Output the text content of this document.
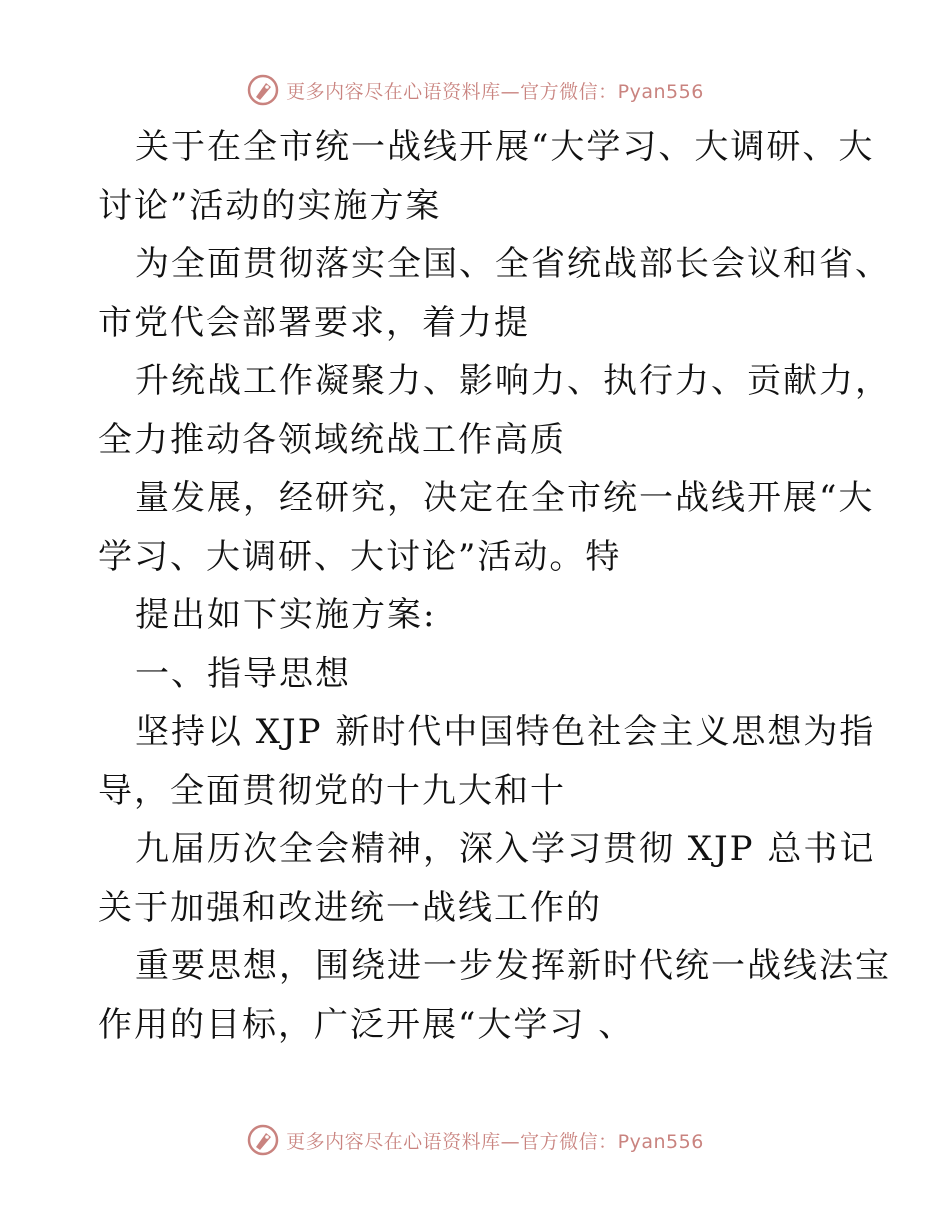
更多内容尽在心语资料库—官方微信：Pyan556
关于在全市统一战线开展“大学习、大调研、大
讨论”活动的实施方案
为全面贯彻落实全国、全省统战部长会议和省、
市党代会部署要求，着力提
升统战工作凝聚力、影响力、执行力、贡献力，
全力推动各领域统战工作高质
量发展，经研究，决定在全市统一战线开展“大
学习、大调研、大讨论”活动。特
提出如下实施方案:
一、指导思想
坚持以 XJP 新时代中国特色社会主义思想为指
导，全面贯彻党的十九大和十
九届历次全会精神，深入学习贯彻 XJP 总书记
关于加强和改进统一战线工作的
重要思想，围绕进一步发挥新时代统一战线法宝
作用的目标，广泛开展“大学习 、
更多内容尽在心语资料库—官方微信：Pyan556
